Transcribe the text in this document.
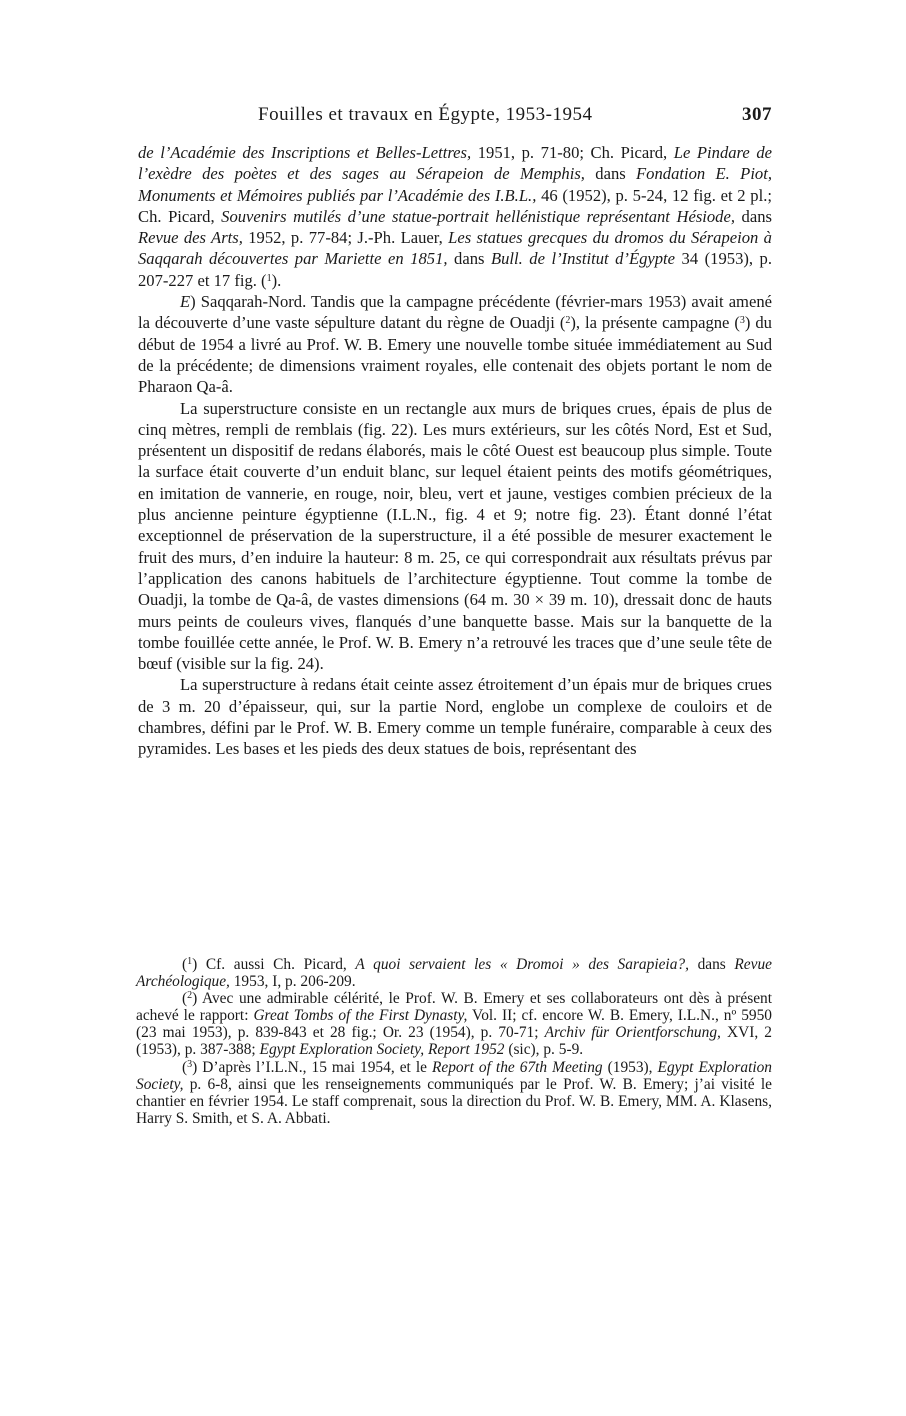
Fouilles et travaux en Égypte, 1953-1954	307

de l’Académie des Inscriptions et Belles-Lettres, 1951, p. 71-80; Ch. Picard, Le Pindare de l’exèdre des poètes et des sages au Sérapeion de Memphis, dans Fondation E. Piot, Monuments et Mémoires publiés par l’Académie des I.B.L., 46 (1952), p. 5-24, 12 fig. et 2 pl.; Ch. Picard, Souvenirs mutilés d’une statue-portrait hellénistique représentant Hésiode, dans Revue des Arts, 1952, p. 77-84; J.-Ph. Lauer, Les statues grecques du dromos du Sérapeion à Saqqarah découvertes par Mariette en 1851, dans Bull. de l’Institut d’Égypte 34 (1953), p. 207-227 et 17 fig. ($^1$).

E) Saqqarah-Nord. Tandis que la campagne précédente (février-mars 1953) avait amené la découverte d’une vaste sépulture datant du règne de Ouadji ($^2$), la présente campagne ($^3$) du début de 1954 a livré au Prof. W. B. Emery une nouvelle tombe située immédiatement au Sud de la précédente; de dimensions vraiment royales, elle contenait des objets portant le nom de Pharaon Qa-â.

La superstructure consiste en un rectangle aux murs de briques crues, épais de plus de cinq mètres, rempli de remblais (fig. 22). Les murs extérieurs, sur les côtés Nord, Est et Sud, présentent un dispositif de redans élaborés, mais le côté Ouest est beaucoup plus simple. Toute la surface était couverte d’un enduit blanc, sur lequel étaient peints des motifs géométriques, en imitation de vannerie, en rouge, noir, bleu, vert et jaune, vestiges combien précieux de la plus ancienne peinture égyptienne (I.L.N., fig. 4 et 9; notre fig. 23). Étant donné l’état exceptionnel de préservation de la superstructure, il a été possible de mesurer exactement le fruit des murs, d’en induire la hauteur: 8 m. 25, ce qui correspondrait aux résultats prévus par l’application des canons habituels de l’architecture égyptienne. Tout comme la tombe de Ouadji, la tombe de Qa-â, de vastes dimensions (64 m. 30 × 39 m. 10), dressait donc de hauts murs peints de couleurs vives, flanqués d’une banquette basse. Mais sur la banquette de la tombe fouillée cette année, le Prof. W. B. Emery n’a retrouvé les traces que d’une seule tête de bœuf (visible sur la fig. 24).

La superstructure à redans était ceinte assez étroitement d’un épais mur de briques crues de 3 m. 20 d’épaisseur, qui, sur la partie Nord, englobe un complexe de couloirs et de chambres, défini par le Prof. W. B. Emery comme un temple funéraire, comparable à ceux des pyramides. Les bases et les pieds des deux statues de bois, représentant des

($^1$) Cf. aussi Ch. Picard, A quoi servaient les « Dromoi » des Sarapieia?, dans Revue Archéologique, 1953, I, p. 206-209.

($^2$) Avec une admirable célérité, le Prof. W. B. Emery et ses collaborateurs ont dès à présent achevé le rapport: Great Tombs of the First Dynasty, Vol. II; cf. encore W. B. Emery, I.L.N., nº 5950 (23 mai 1953), p. 839-843 et 28 fig.; Or. 23 (1954), p. 70-71; Archiv für Orientforschung, XVI, 2 (1953), p. 387-388; Egypt Exploration Society, Report 1952 (sic), p. 5-9.

($^3$) D’après l’I.L.N., 15 mai 1954, et le Report of the 67th Meeting (1953), Egypt Exploration Society, p. 6-8, ainsi que les renseignements communiqués par le Prof. W. B. Emery; j’ai visité le chantier en février 1954. Le staff comprenait, sous la direction du Prof. W. B. Emery, MM. A. Klasens, Harry S. Smith, et S. A. Abbati.
